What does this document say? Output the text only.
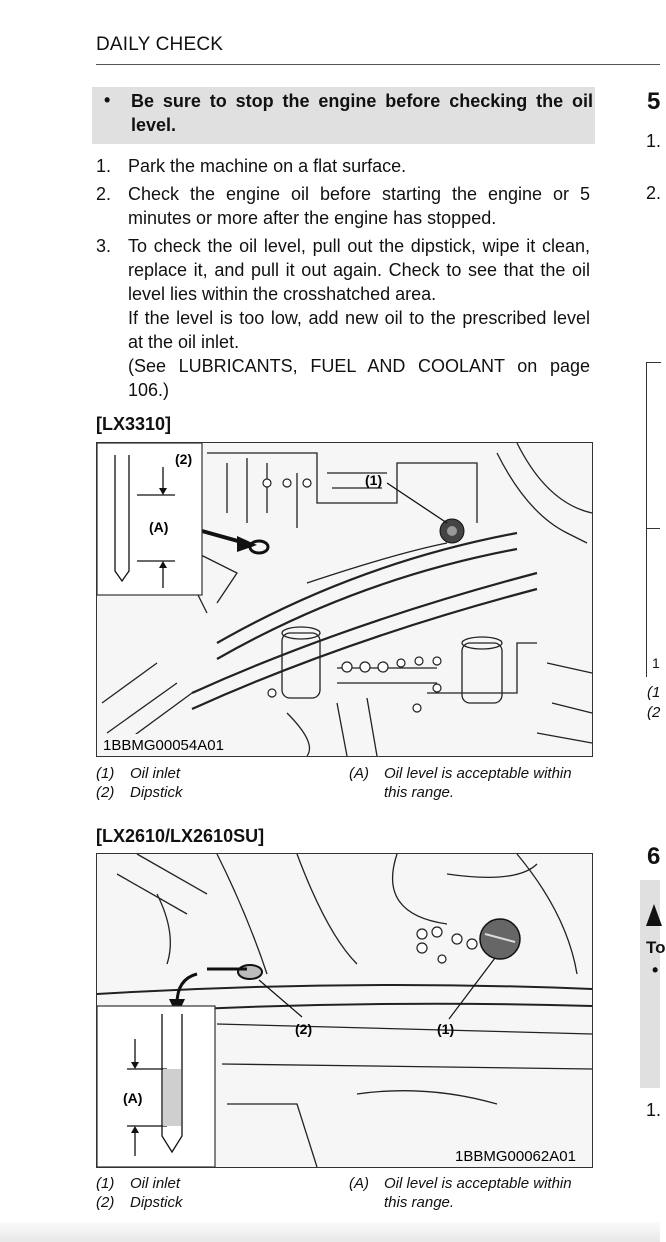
DAILY CHECK
• Be sure to stop the engine before checking the oil level.
1. Park the machine on a flat surface.

2. Check the engine oil before starting the engine or 5 minutes or more after the engine has stopped.

3. To check the oil level, pull out the dipstick, wipe it clean, replace it, and pull it out again. Check to see that the oil level lies within the crosshatched area.

If the level is too low, add new oil to the prescribed level at the oil inlet.

(See LUBRICANTS, FUEL AND COOLANT on page 106.)

[LX3310]
(2)
(A)
(1)
1BBMG00054A01
(1) Oil inlet
(2) Dipstick
(A) Oil level is acceptable within
this range.
[LX2610/LX2610SU]
(A)
(2)	(1)
1BBMG00062A01
(1) Oil inlet
(2) Dipstick
(A) Oil level is acceptable within
this range.
5
1.
2.
1
(1
(2
6
To
•
1.
